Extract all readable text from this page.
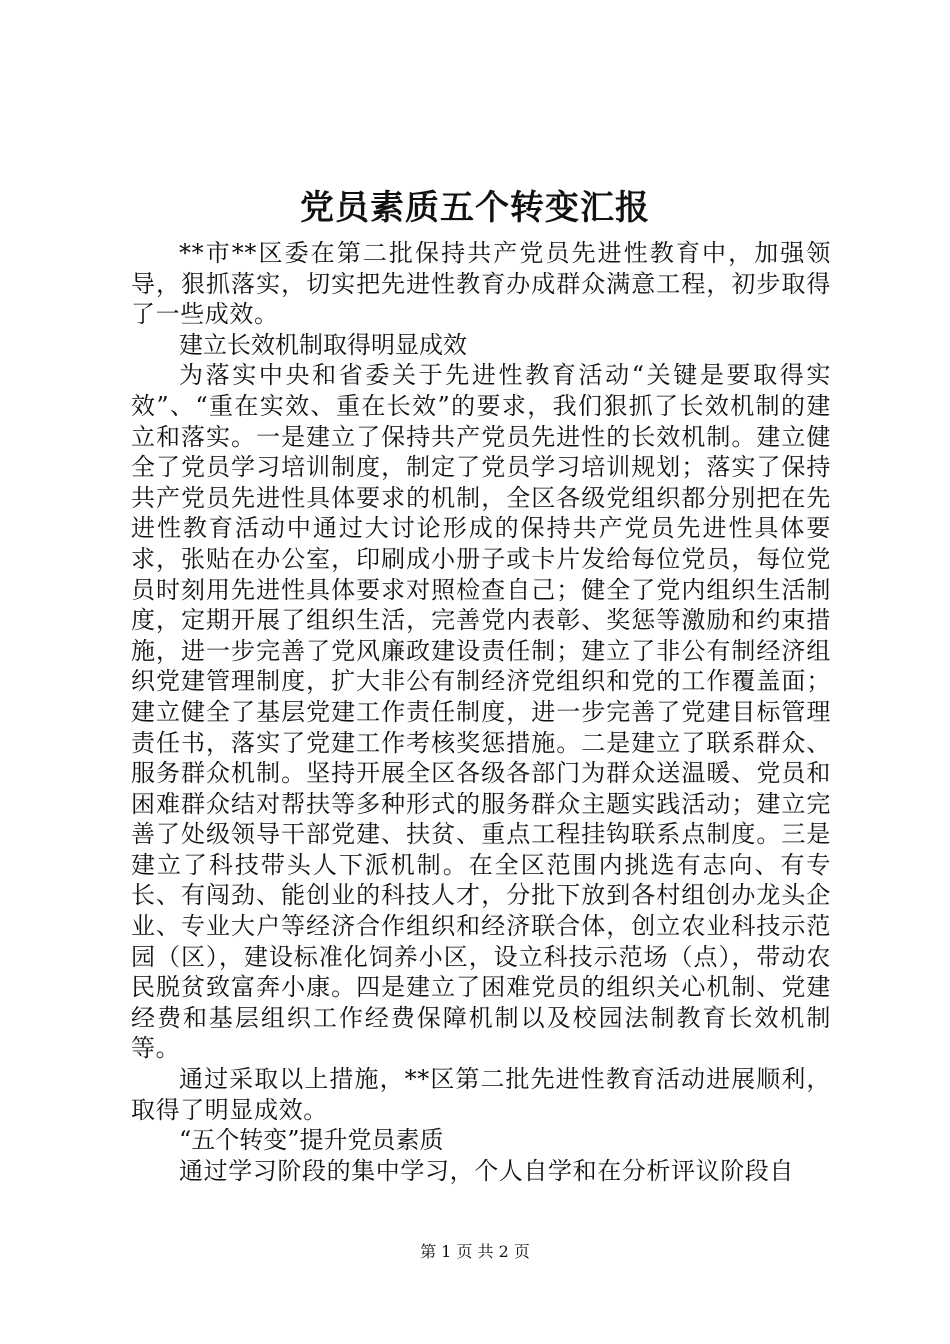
党员素质五个转变汇报

**市**区委在第二批保持共产党员先进性教育中，加强领导，狠抓落实，切实把先进性教育办成群众满意工程，初步取得了一些成效。

建立长效机制取得明显成效

为落实中央和省委关于先进性教育活动“关键是要取得实效”、“重在实效、重在长效”的要求，我们狠抓了长效机制的建立和落实。一是建立了保持共产党员先进性的长效机制。建立健全了党员学习培训制度，制定了党员学习培训规划；落实了保持共产党员先进性具体要求的机制，全区各级党组织都分别把在先进性教育活动中通过大讨论形成的保持共产党员先进性具体要求，张贴在办公室，印刷成小册子或卡片发给每位党员，每位党员时刻用先进性具体要求对照检查自己；健全了党内组织生活制度，定期开展了组织生活，完善党内表彰、奖惩等激励和约束措施，进一步完善了党风廉政建设责任制；建立了非公有制经济组织党建管理制度，扩大非公有制经济党组织和党的工作覆盖面；建立健全了基层党建工作责任制度，进一步完善了党建目标管理责任书，落实了党建工作考核奖惩措施。二是建立了联系群众、服务群众机制。坚持开展全区各级各部门为群众送温暖、党员和困难群众结对帮扶等多种形式的服务群众主题实践活动；建立完善了处级领导干部党建、扶贫、重点工程挂钩联系点制度。三是建立了科技带头人下派机制。在全区范围内挑选有志向、有专长、有闯劲、能创业的科技人才，分批下放到各村组创办龙头企业、专业大户等经济合作组织和经济联合体，创立农业科技示范园（区），建设标准化饲养小区，设立科技示范场（点），带动农民脱贫致富奔小康。四是建立了困难党员的组织关心机制、党建经费和基层组织工作经费保障机制以及校园法制教育长效机制等。

通过采取以上措施，**区第二批先进性教育活动进展顺利，取得了明显成效。

“五个转变”提升党员素质

通过学习阶段的集中学习，个人自学和在分析评议阶段自

第 1 页 共 2 页
